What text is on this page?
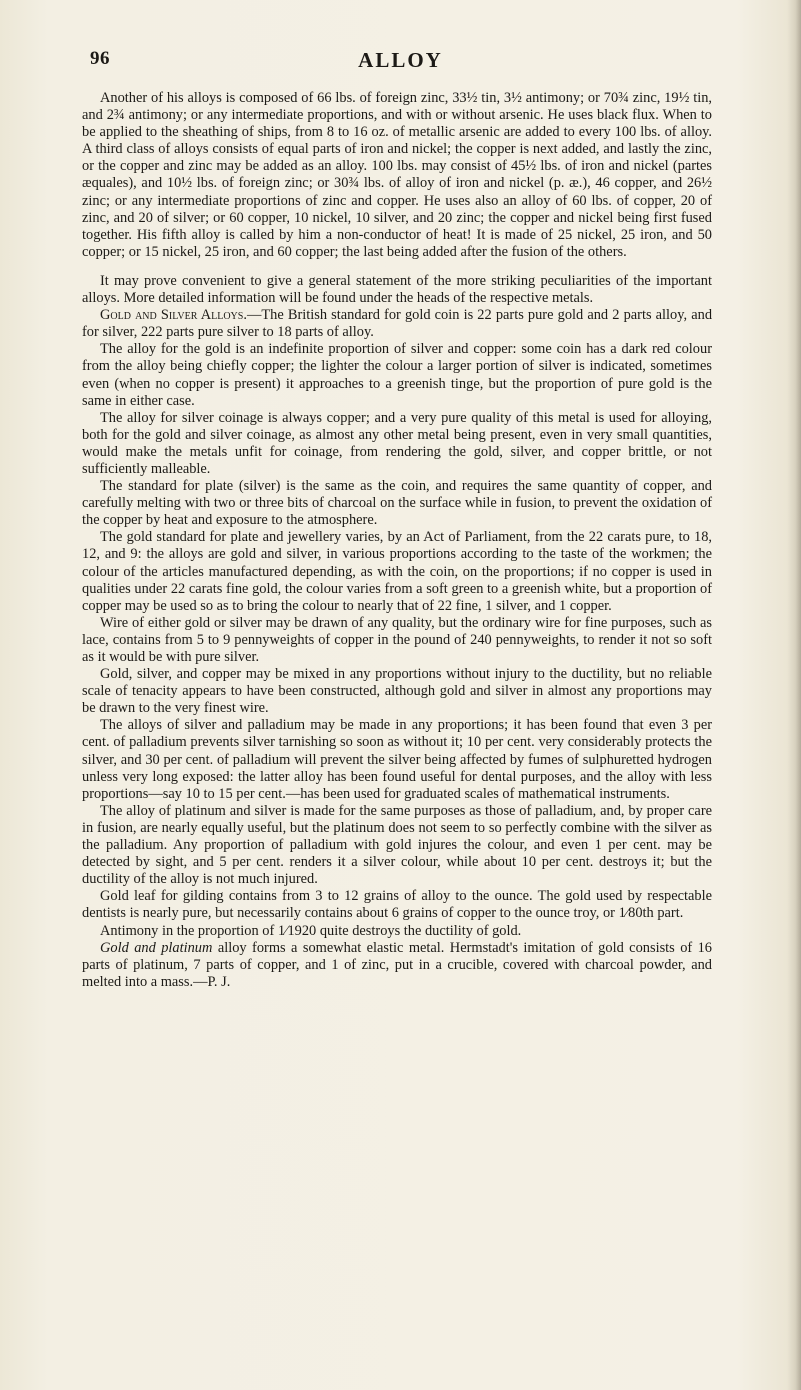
96	ALLOY

Another of his alloys is composed of 66 lbs. of foreign zinc, 33½ tin, 3½ antimony; or 70¾ zinc, 19½ tin, and 2¾ antimony; or any intermediate proportions, and with or without arsenic. He uses black flux. When to be applied to the sheathing of ships, from 8 to 16 oz. of metallic arsenic are added to every 100 lbs. of alloy. A third class of alloys consists of equal parts of iron and nickel; the copper is next added, and lastly the zinc, or the copper and zinc may be added as an alloy. 100 lbs. may consist of 45½ lbs. of iron and nickel (partes æquales), and 10½ lbs. of foreign zinc; or 30¾ lbs. of alloy of iron and nickel (p. æ.), 46 copper, and 26½ zinc; or any intermediate proportions of zinc and copper. He uses also an alloy of 60 lbs. of copper, 20 of zinc, and 20 of silver; or 60 copper, 10 nickel, 10 silver, and 20 zinc; the copper and nickel being first fused together. His fifth alloy is called by him a non-conductor of heat! It is made of 25 nickel, 25 iron, and 50 copper; or 15 nickel, 25 iron, and 60 copper; the last being added after the fusion of the others.

It may prove convenient to give a general statement of the more striking peculiarities of the important alloys. More detailed information will be found under the heads of the respective metals.

Gold and Silver Alloys.—The British standard for gold coin is 22 parts pure gold and 2 parts alloy, and for silver, 222 parts pure silver to 18 parts of alloy.

The alloy for the gold is an indefinite proportion of silver and copper: some coin has a dark red colour from the alloy being chiefly copper; the lighter the colour a larger portion of silver is indicated, sometimes even (when no copper is present) it approaches to a greenish tinge, but the proportion of pure gold is the same in either case.

The alloy for silver coinage is always copper; and a very pure quality of this metal is used for alloying, both for the gold and silver coinage, as almost any other metal being present, even in very small quantities, would make the metals unfit for coinage, from rendering the gold, silver, and copper brittle, or not sufficiently malleable.

The standard for plate (silver) is the same as the coin, and requires the same quantity of copper, and carefully melting with two or three bits of charcoal on the surface while in fusion, to prevent the oxidation of the copper by heat and exposure to the atmosphere.

The gold standard for plate and jewellery varies, by an Act of Parliament, from the 22 carats pure, to 18, 12, and 9: the alloys are gold and silver, in various proportions according to the taste of the workmen; the colour of the articles manufactured depending, as with the coin, on the proportions; if no copper is used in qualities under 22 carats fine gold, the colour varies from a soft green to a greenish white, but a proportion of copper may be used so as to bring the colour to nearly that of 22 fine, 1 silver, and 1 copper.

Wire of either gold or silver may be drawn of any quality, but the ordinary wire for fine purposes, such as lace, contains from 5 to 9 pennyweights of copper in the pound of 240 pennyweights, to render it not so soft as it would be with pure silver.

Gold, silver, and copper may be mixed in any proportions without injury to the ductility, but no reliable scale of tenacity appears to have been constructed, although gold and silver in almost any proportions may be drawn to the very finest wire.

The alloys of silver and palladium may be made in any proportions; it has been found that even 3 per cent. of palladium prevents silver tarnishing so soon as without it; 10 per cent. very considerably protects the silver, and 30 per cent. of palladium will prevent the silver being affected by fumes of sulphuretted hydrogen unless very long exposed: the latter alloy has been found useful for dental purposes, and the alloy with less proportions—say 10 to 15 per cent.—has been used for graduated scales of mathematical instruments.

The alloy of platinum and silver is made for the same purposes as those of palladium, and, by proper care in fusion, are nearly equally useful, but the platinum does not seem to so perfectly combine with the silver as the palladium. Any proportion of palladium with gold injures the colour, and even 1 per cent. may be detected by sight, and 5 per cent. renders it a silver colour, while about 10 per cent. destroys it; but the ductility of the alloy is not much injured.

Gold leaf for gilding contains from 3 to 12 grains of alloy to the ounce. The gold used by respectable dentists is nearly pure, but necessarily contains about 6 grains of copper to the ounce troy, or 1⁄80th part.

Antimony in the proportion of 1⁄1920 quite destroys the ductility of gold.

Gold and platinum alloy forms a somewhat elastic metal. Hermstadt's imitation of gold consists of 16 parts of platinum, 7 parts of copper, and 1 of zinc, put in a crucible, covered with charcoal powder, and melted into a mass.—P. J.
